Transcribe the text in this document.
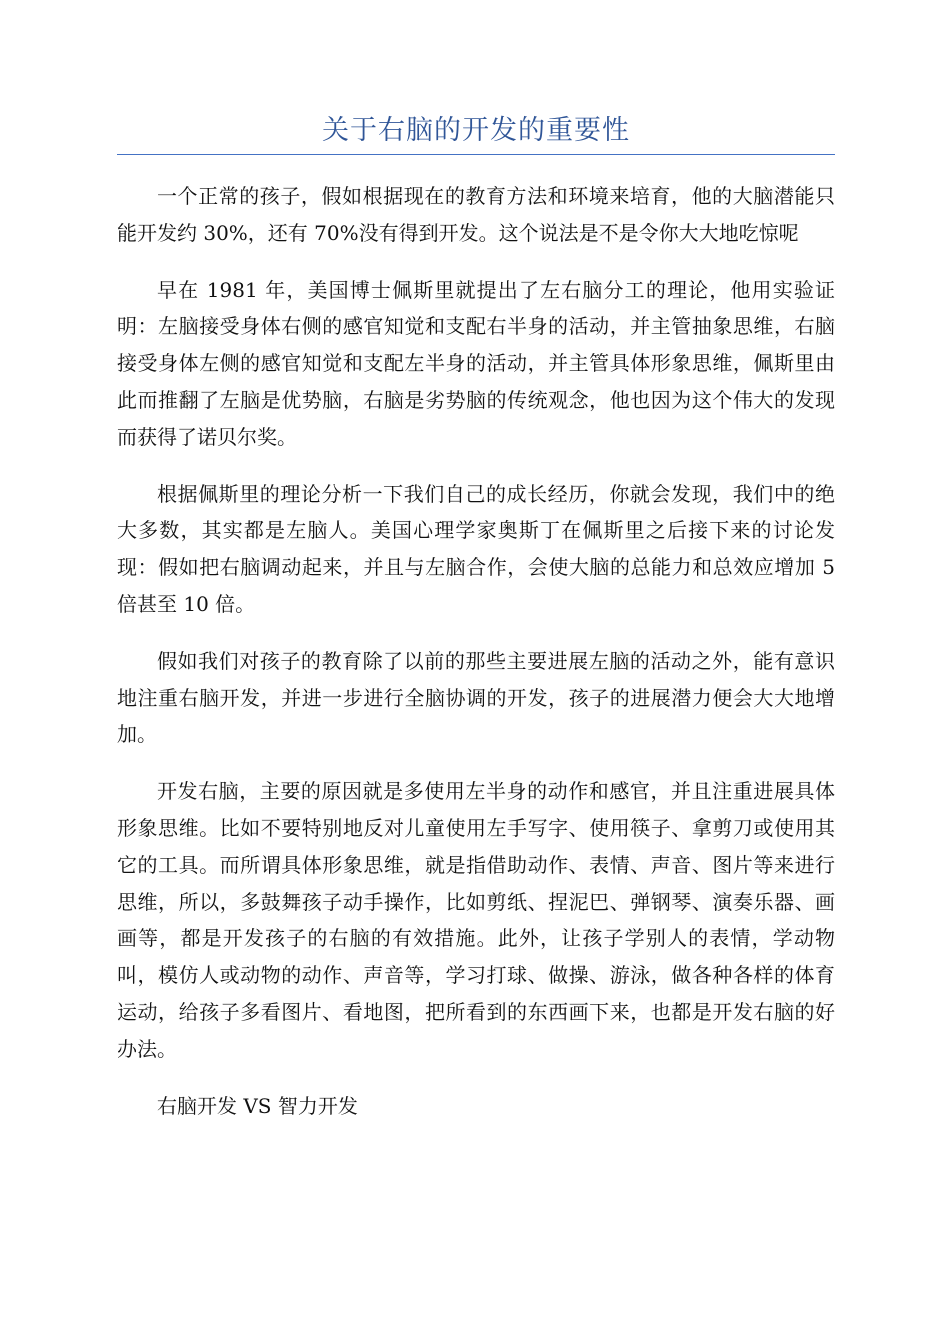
关于右脑的开发的重要性

一个正常的孩子，假如根据现在的教育方法和环境来培育，他的大脑潜能只能开发约 30%，还有 70%没有得到开发。这个说法是不是令你大大地吃惊呢

早在 1981 年，美国博士佩斯里就提出了左右脑分工的理论，他用实验证明：左脑接受身体右侧的感官知觉和支配右半身的活动，并主管抽象思维，右脑接受身体左侧的感官知觉和支配左半身的活动，并主管具体形象思维，佩斯里由此而推翻了左脑是优势脑，右脑是劣势脑的传统观念，他也因为这个伟大的发现而获得了诺贝尔奖。

根据佩斯里的理论分析一下我们自己的成长经历，你就会发现，我们中的绝大多数，其实都是左脑人。美国心理学家奥斯丁在佩斯里之后接下来的讨论发现：假如把右脑调动起来，并且与左脑合作，会使大脑的总能力和总效应增加 5 倍甚至 10 倍。

假如我们对孩子的教育除了以前的那些主要进展左脑的活动之外，能有意识地注重右脑开发，并进一步进行全脑协调的开发，孩子的进展潜力便会大大地增加。

开发右脑，主要的原因就是多使用左半身的动作和感官，并且注重进展具体形象思维。比如不要特别地反对儿童使用左手写字、使用筷子、拿剪刀或使用其它的工具。而所谓具体形象思维，就是指借助动作、表情、声音、图片等来进行思维，所以，多鼓舞孩子动手操作，比如剪纸、捏泥巴、弹钢琴、演奏乐器、画画等，都是开发孩子的右脑的有效措施。此外，让孩子学别人的表情，学动物叫，模仿人或动物的动作、声音等，学习打球、做操、游泳，做各种各样的体育运动，给孩子多看图片、看地图，把所看到的东西画下来，也都是开发右脑的好办法。

右脑开发 VS 智力开发
